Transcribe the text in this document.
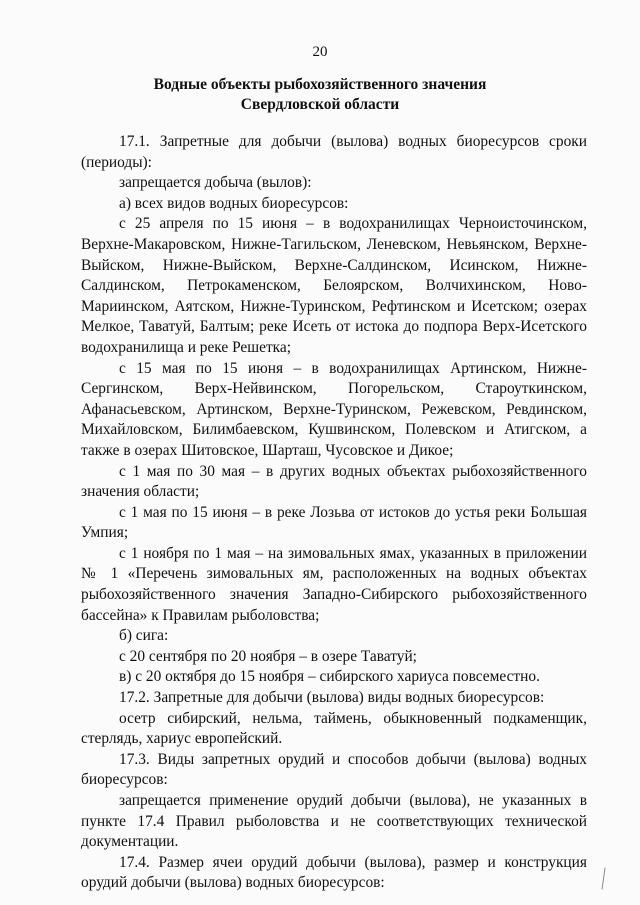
20
Водные объекты рыбохозяйственного значения
Свердловской области

17.1. Запретные для добычи (вылова) водных биоресурсов сроки (периоды):

запрещается добыча (вылов):

а) всех видов водных биоресурсов:

с 25 апреля по 15 июня – в водохранилищах Черноисточинском, Верхне-Макаровском, Нижне-Тагильском, Леневском, Невьянском, Верхне-Выйском, Нижне-Выйском, Верхне-Салдинском, Исинском, Нижне-Салдинском, Петрокаменском, Белоярском, Волчихинском, Ново-Мариинском, Аятском, Нижне-Туринском, Рефтинском и Исетском; озерах Мелкое, Таватуй, Балтым; реке Исеть от истока до подпора Верх-Исетского водохранилища и реке Решетка;

с 15 мая по 15 июня – в водохранилищах Артинском, Нижне-Сергинском, Верх-Нейвинском, Погорельском, Староуткинском, Афанасьевском, Артинском, Верхне-Туринском, Режевском, Ревдинском, Михайловском, Билимбаевском, Кушвинском, Полевском и Атигском, а также в озерах Шитовское, Шарташ, Чусовское и Дикое;

с 1 мая по 30 мая – в других водных объектах рыбохозяйственного значения области;

с 1 мая по 15 июня – в реке Лозьва от истоков до устья реки Большая Умпия;

с 1 ноября по 1 мая – на зимовальных ямах, указанных в приложении № 1 «Перечень зимовальных ям, расположенных на водных объектах рыбохозяйственного значения Западно-Сибирского рыбохозяйственного бассейна» к Правилам рыболовства;

б) сига:

с 20 сентября по 20 ноября – в озере Таватуй;

в) с 20 октября до 15 ноября – сибирского хариуса повсеместно.

17.2. Запретные для добычи (вылова) виды водных биоресурсов:

осетр сибирский, нельма, таймень, обыкновенный подкаменщик, стерлядь, хариус европейский.

17.3. Виды запретных орудий и способов добычи (вылова) водных биоресурсов:

запрещается применение орудий добычи (вылова), не указанных в пункте 17.4 Правил рыболовства и не соответствующих технической документации.

17.4. Размер ячеи орудий добычи (вылова), размер и конструкция орудий добычи (вылова) водных биоресурсов:
